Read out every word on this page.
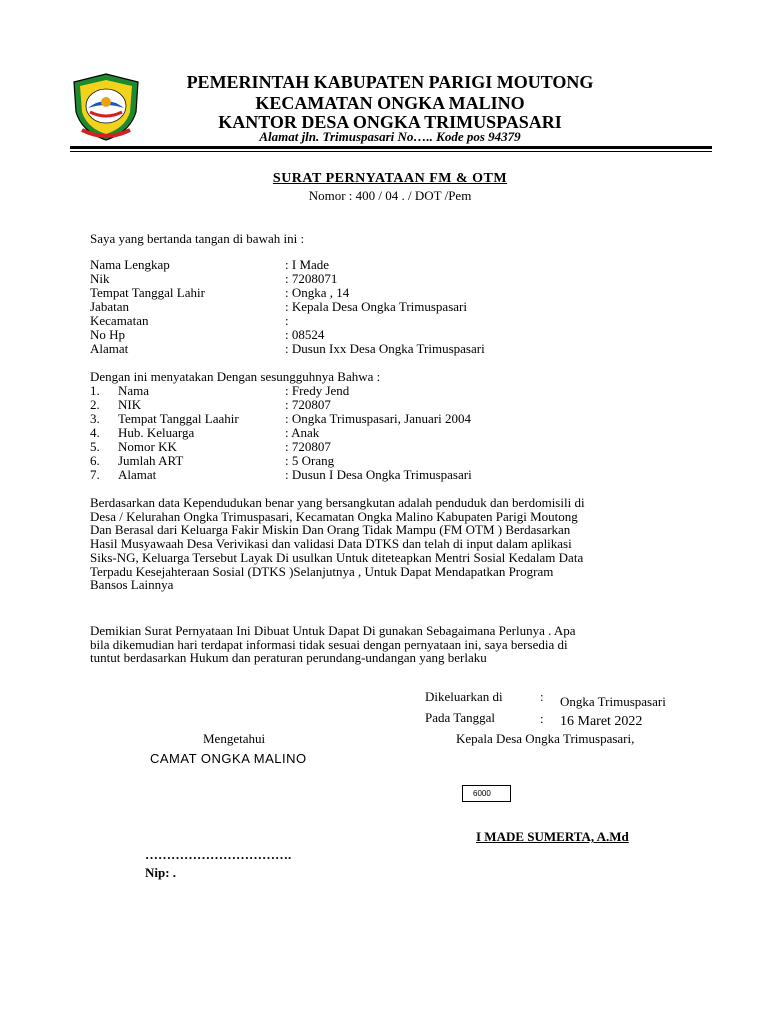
PEMERINTAH KABUPATEN PARIGI MOUTONG
KECAMATAN ONGKA MALINO
KANTOR DESA ONGKA TRIMUSPASARI
Alamat jln. Trimuspasari No….. Kode pos 94379
SURAT PERNYATAAN FM & OTM
Nomor : 400 / 04 . / DOT /Pem
Saya yang bertanda tangan di bawah ini :
Nama Lengkap	: I Made
Nik	: 7208071
Tempat Tanggal Lahir	: Ongka , 14
Jabatan	: Kepala Desa Ongka Trimuspasari
Kecamatan	:
No Hp	: 08524
Alamat	: Dusun Ixx Desa Ongka Trimuspasari
Dengan ini menyatakan Dengan sesungguhnya Bahwa :
1. Nama	: Fredy Jend
2. NIK	: 720807
3. Tempat Tanggal Laahir	: Ongka Trimuspasari, Januari 2004
4. Hub. Keluarga	: Anak
5. Nomor KK	: 720807
6. Jumlah ART	: 5 Orang
7. Alamat	: Dusun I Desa Ongka Trimuspasari
Berdasarkan data Kependudukan benar yang bersangkutan adalah penduduk dan berdomisili di
Desa / Kelurahan Ongka Trimuspasari, Kecamatan Ongka Malino Kabupaten Parigi Moutong
Dan Berasal dari Keluarga Fakir Miskin Dan Orang Tidak Mampu (FM OTM ) Berdasarkan
Hasil Musyawaah Desa Verivikasi dan validasi Data DTKS dan telah di input dalam aplikasi
Siks-NG, Keluarga Tersebut Layak Di usulkan Untuk diteteapkan Mentri Sosial Kedalam Data
Terpadu Kesejahteraan Sosial (DTKS )Selanjutnya , Untuk Dapat Mendapatkan Program
Bansos Lainnya
Demikian Surat Pernyataan Ini Dibuat Untuk Dapat Di gunakan Sebagaimana Perlunya . Apa
bila dikemudian hari terdapat informasi tidak sesuai dengan pernyataan ini, saya bersedia di
tuntut berdasarkan Hukum dan peraturan perundang-undangan yang berlaku
Dikeluarkan di	: Ongka Trimuspasari
Pada Tanggal	: 16 Maret 2022
Mengetahui
CAMAT ONGKA MALINO
…………………………….
Nip: .
Kepala Desa Ongka Trimuspasari,
6000
I MADE SUMERTA, A.Md
